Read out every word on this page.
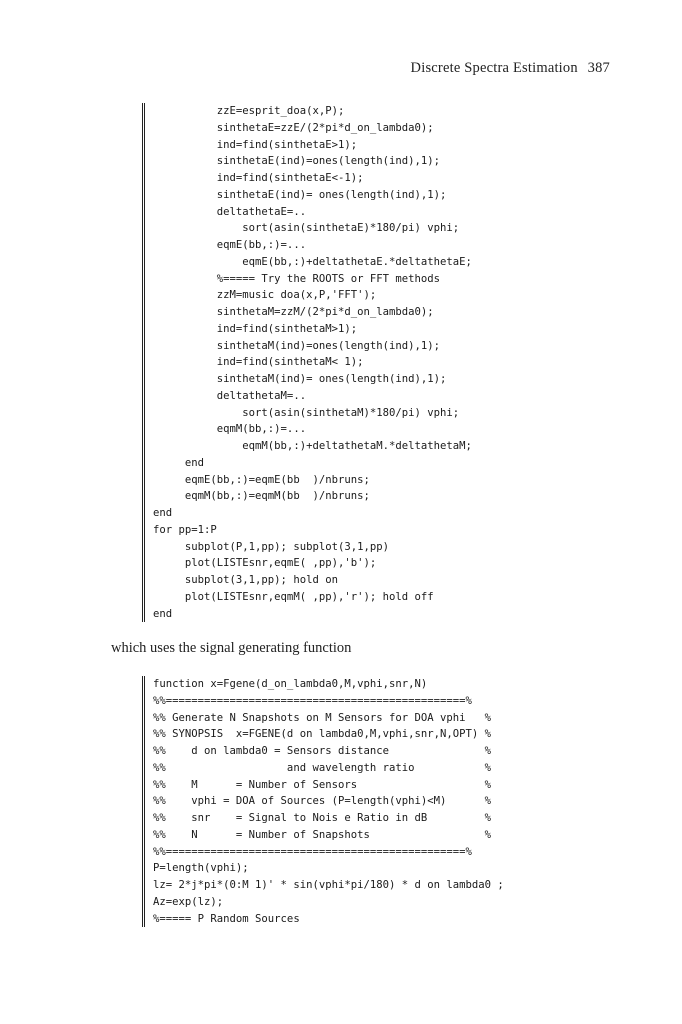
Discrete Spectra Estimation 387
zzE=esprit_doa(x,P);
sinthetaE=zzE/(2*pi*d_on_lambda0);
ind=find(sinthetaE>1);
sinthetaE(ind)=ones(length(ind),1);
ind=find(sinthetaE<-1);
sinthetaE(ind)= ones(length(ind),1);
deltathetaE=..
sort(asin(sinthetaE)*180/pi) vphi;
eqmE(bb,:)=...
eqmE(bb,:)+deltathetaE.*deltathetaE;
%===== Try the ROOTS or FFT methods
zzM=music doa(x,P,'FFT');
sinthetaM=zzM/(2*pi*d_on_lambda0);
ind=find(sinthetaM>1);
sinthetaM(ind)=ones(length(ind),1);
ind=find(sinthetaM< 1);
sinthetaM(ind)= ones(length(ind),1);
deltathetaM=..
sort(asin(sinthetaM)*180/pi) vphi;
eqmM(bb,:)=...
eqmM(bb,:)+deltathetaM.*deltathetaM;
end
eqmE(bb,:)=eqmE(bb  )/nbruns;
eqmM(bb,:)=eqmM(bb  )/nbruns;
end
for pp=1:P
subplot(P,1,pp); subplot(3,1,pp)
plot(LISTEsnr,eqmE( ,pp),'b');
subplot(3,1,pp); hold on
plot(LISTEsnr,eqmM( ,pp),'r'); hold off
end
which uses the signal generating function
function x=Fgene(d_on_lambda0,M,vphi,snr,N)
%%===============================================%
%% Generate N Snapshots on M Sensors for DOA vphi   %
%% SYNOPSIS  x=FGENE(d on lambda0,M,vphi,snr,N,OPT) %
%%    d on lambda0 = Sensors distance               %
%%                   and wavelength ratio           %
%%    M      = Number of Sensors                    %
%%    vphi = DOA of Sources (P=length(vphi)<M)      %
%%    snr    = Signal to Nois e Ratio in dB         %
%%    N      = Number of Snapshots                  %
%%===============================================%
P=length(vphi);
lz= 2*j*pi*(0:M 1)' * sin(vphi*pi/180) * d on lambda0 ;
Az=exp(lz);
%===== P Random Sources
